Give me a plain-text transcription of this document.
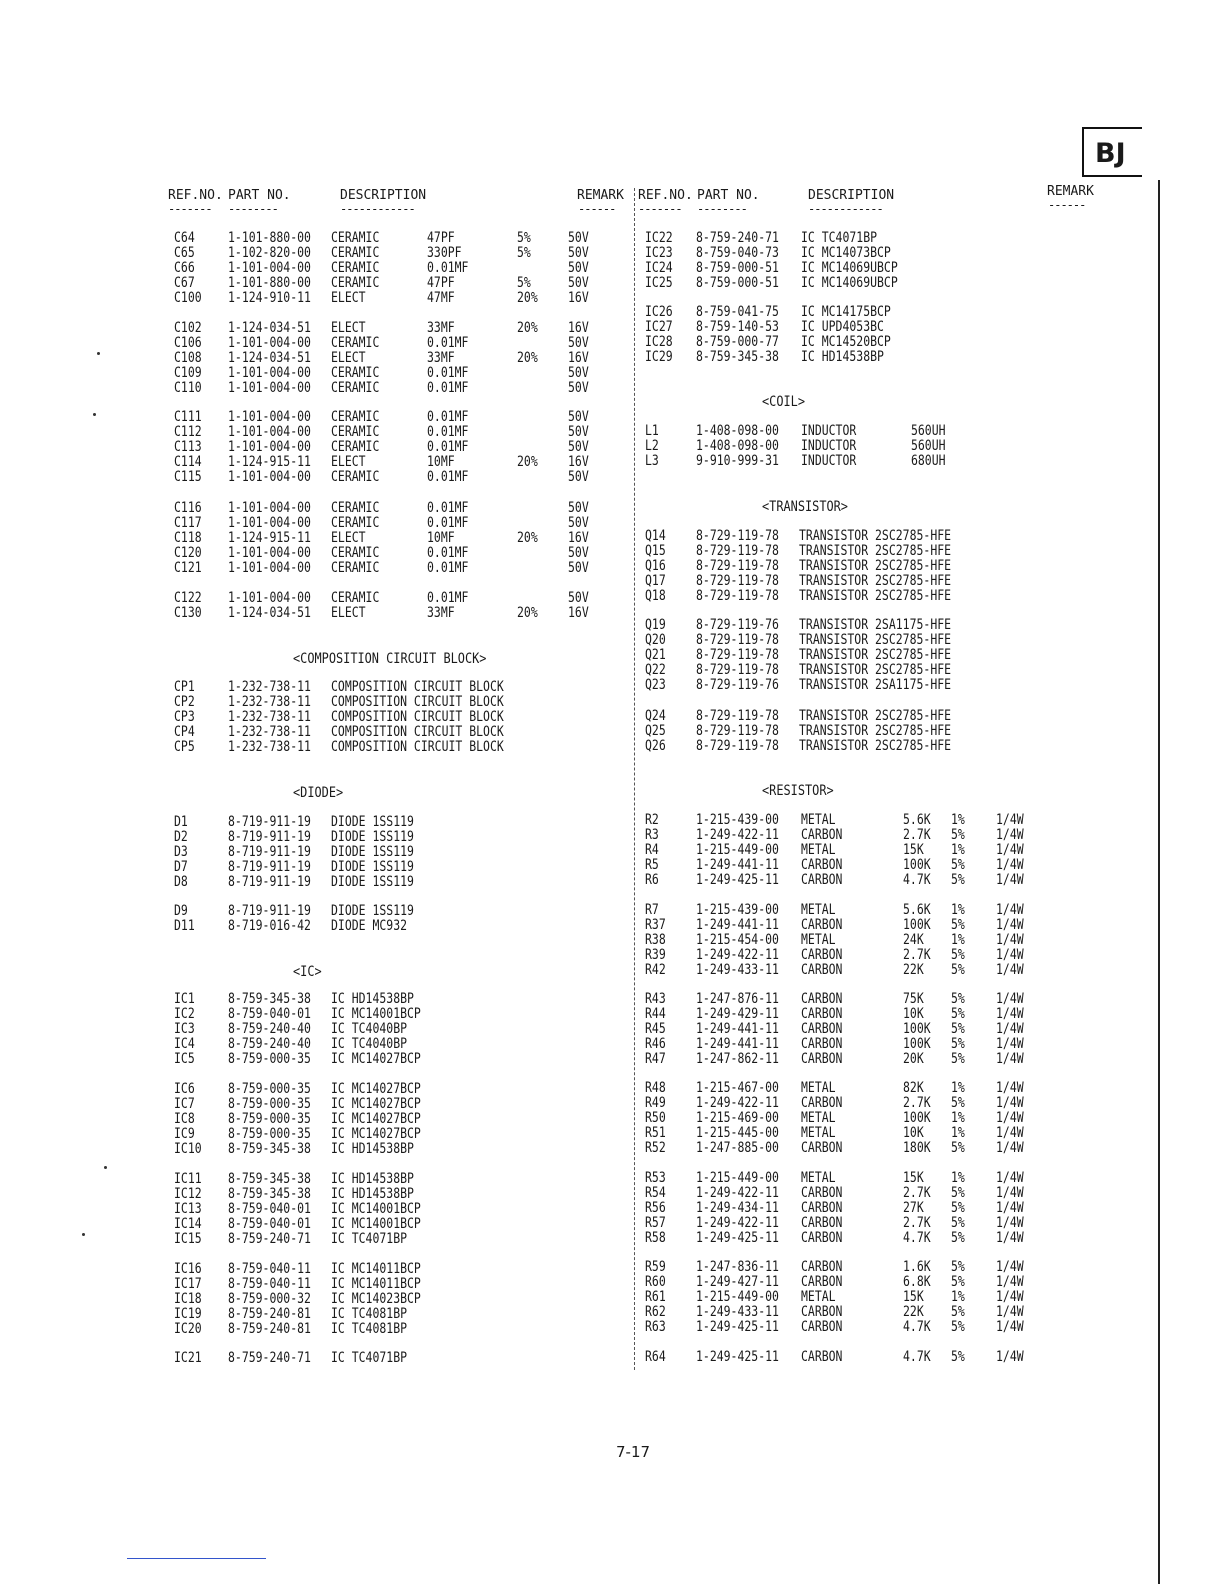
BJ
REF.NO. PART NO.	DESCRIPTION	REMARK
------- --------	------------	------
REF.NO. PART NO.	DESCRIPTION	REMARK
------- --------	------------	------
<COMPOSITION CIRCUIT BLOCK>
<DIODE>
<IC>
<COIL>
<TRANSISTOR>
<RESISTOR>
C64 1-101-880-00 CERAMIC	47PF	5%	50V
C65 1-102-820-00 CERAMIC	330PF	5%	50V
C66 1-101-004-00 CERAMIC	0.01MF	50V
C67 1-101-880-00 CERAMIC	47PF	5%	50V
C100 1-124-910-11 ELECT	47MF	20% 16V
C102 1-124-034-51 ELECT	33MF	20% 16V
C106 1-101-004-00 CERAMIC	0.01MF	50V
C108 1-124-034-51 ELECT	33MF	20% 16V
C109 1-101-004-00 CERAMIC	0.01MF	50V
C110 1-101-004-00 CERAMIC	0.01MF	50V
C111 1-101-004-00 CERAMIC	0.01MF	50V
C112 1-101-004-00 CERAMIC	0.01MF	50V
C113 1-101-004-00 CERAMIC	0.01MF	50V
C114 1-124-915-11 ELECT	10MF	20% 16V
C115 1-101-004-00 CERAMIC	0.01MF	50V
C116 1-101-004-00 CERAMIC	0.01MF	50V
C117 1-101-004-00 CERAMIC	0.01MF	50V
C118 1-124-915-11 ELECT	10MF	20% 16V
C120 1-101-004-00 CERAMIC	0.01MF	50V
C121 1-101-004-00 CERAMIC	0.01MF	50V
C122 1-101-004-00 CERAMIC	0.01MF	50V
C130 1-124-034-51 ELECT	33MF	20% 16V
CP1 1-232-738-11 COMPOSITION CIRCUIT BLOCK
CP2 1-232-738-11 COMPOSITION CIRCUIT BLOCK
CP3 1-232-738-11 COMPOSITION CIRCUIT BLOCK
CP4 1-232-738-11 COMPOSITION CIRCUIT BLOCK
CP5 1-232-738-11 COMPOSITION CIRCUIT BLOCK
D1	8-719-911-19 DIODE 1SS119
D2	8-719-911-19 DIODE 1SS119
D3	8-719-911-19 DIODE 1SS119
D7	8-719-911-19 DIODE 1SS119
D8	8-719-911-19 DIODE 1SS119
D9	8-719-911-19 DIODE 1SS119
D11 8-719-016-42 DIODE MC932
IC1 8-759-345-38 IC HD14538BP
IC2 8-759-040-01 IC MC14001BCP
IC3 8-759-240-40 IC TC4040BP
IC4 8-759-240-40 IC TC4040BP
IC5 8-759-000-35 IC MC14027BCP
IC6 8-759-000-35 IC MC14027BCP
IC7 8-759-000-35 IC MC14027BCP
IC8 8-759-000-35 IC MC14027BCP
IC9 8-759-000-35 IC MC14027BCP
IC10 8-759-345-38 IC HD14538BP
IC11 8-759-345-38 IC HD14538BP
IC12 8-759-345-38 IC HD14538BP
IC13 8-759-040-01 IC MC14001BCP
IC14 8-759-040-01 IC MC14001BCP
IC15 8-759-240-71 IC TC4071BP
IC16 8-759-040-11 IC MC14011BCP
IC17 8-759-040-11 IC MC14011BCP
IC18 8-759-000-32 IC MC14023BCP
IC19 8-759-240-81 IC TC4081BP
IC20 8-759-240-81 IC TC4081BP
IC21 8-759-240-71 IC TC4071BP
IC22 8-759-240-71 IC TC4071BP
IC23 8-759-040-73 IC MC14073BCP
IC24 8-759-000-51 IC MC14069UBCP
IC25 8-759-000-51 IC MC14069UBCP
IC26 8-759-041-75 IC MC14175BCP
IC27 8-759-140-53 IC UPD4053BC
IC28 8-759-000-77 IC MC14520BCP
IC29 8-759-345-38 IC HD14538BP
L1	1-408-098-00 INDUCTOR	560UH
L2	1-408-098-00 INDUCTOR	560UH
L3	9-910-999-31 INDUCTOR	680UH
Q14 8-729-119-78 TRANSISTOR 2SC2785-HFE
Q15 8-729-119-78 TRANSISTOR 2SC2785-HFE
Q16 8-729-119-78 TRANSISTOR 2SC2785-HFE
Q17 8-729-119-78 TRANSISTOR 2SC2785-HFE
Q18 8-729-119-78 TRANSISTOR 2SC2785-HFE
Q19 8-729-119-76 TRANSISTOR 2SA1175-HFE
Q20 8-729-119-78 TRANSISTOR 2SC2785-HFE
Q21 8-729-119-78 TRANSISTOR 2SC2785-HFE
Q22 8-729-119-78 TRANSISTOR 2SC2785-HFE
Q23 8-729-119-76 TRANSISTOR 2SA1175-HFE
Q24 8-729-119-78 TRANSISTOR 2SC2785-HFE
Q25 8-729-119-78 TRANSISTOR 2SC2785-HFE
Q26 8-729-119-78 TRANSISTOR 2SC2785-HFE
R2	1-215-439-00 METAL	5.6K 1% 1/4W
R3	1-249-422-11 CARBON	2.7K 5% 1/4W
R4	1-215-449-00 METAL	15K 1% 1/4W
R5	1-249-441-11 CARBON	100K 5% 1/4W
R6	1-249-425-11 CARBON	4.7K 5% 1/4W
R7	1-215-439-00 METAL	5.6K 1% 1/4W
R37 1-249-441-11 CARBON	100K 5% 1/4W
R38 1-215-454-00 METAL	24K 1% 1/4W
R39 1-249-422-11 CARBON	2.7K 5% 1/4W
R42 1-249-433-11 CARBON	22K 5% 1/4W
R43 1-247-876-11 CARBON	75K 5% 1/4W
R44 1-249-429-11 CARBON	10K 5% 1/4W
R45 1-249-441-11 CARBON	100K 5% 1/4W
R46 1-249-441-11 CARBON	100K 5% 1/4W
R47 1-247-862-11 CARBON	20K 5% 1/4W
R48 1-215-467-00 METAL	82K 1% 1/4W
R49 1-249-422-11 CARBON	2.7K 5% 1/4W
R50 1-215-469-00 METAL	100K 1% 1/4W
R51 1-215-445-00 METAL	10K 1% 1/4W
R52 1-247-885-00 CARBON	180K 5% 1/4W
R53 1-215-449-00 METAL	15K 1% 1/4W
R54 1-249-422-11 CARBON	2.7K 5% 1/4W
R56 1-249-434-11 CARBON	27K 5% 1/4W
R57 1-249-422-11 CARBON	2.7K 5% 1/4W
R58 1-249-425-11 CARBON	4.7K 5% 1/4W
R59 1-247-836-11 CARBON	1.6K 5% 1/4W
R60 1-249-427-11 CARBON	6.8K 5% 1/4W
R61 1-215-449-00 METAL	15K 1% 1/4W
R62 1-249-433-11 CARBON	22K 5% 1/4W
R63 1-249-425-11 CARBON	4.7K 5% 1/4W
R64 1-249-425-11 CARBON	4.7K 5% 1/4W
7-17
